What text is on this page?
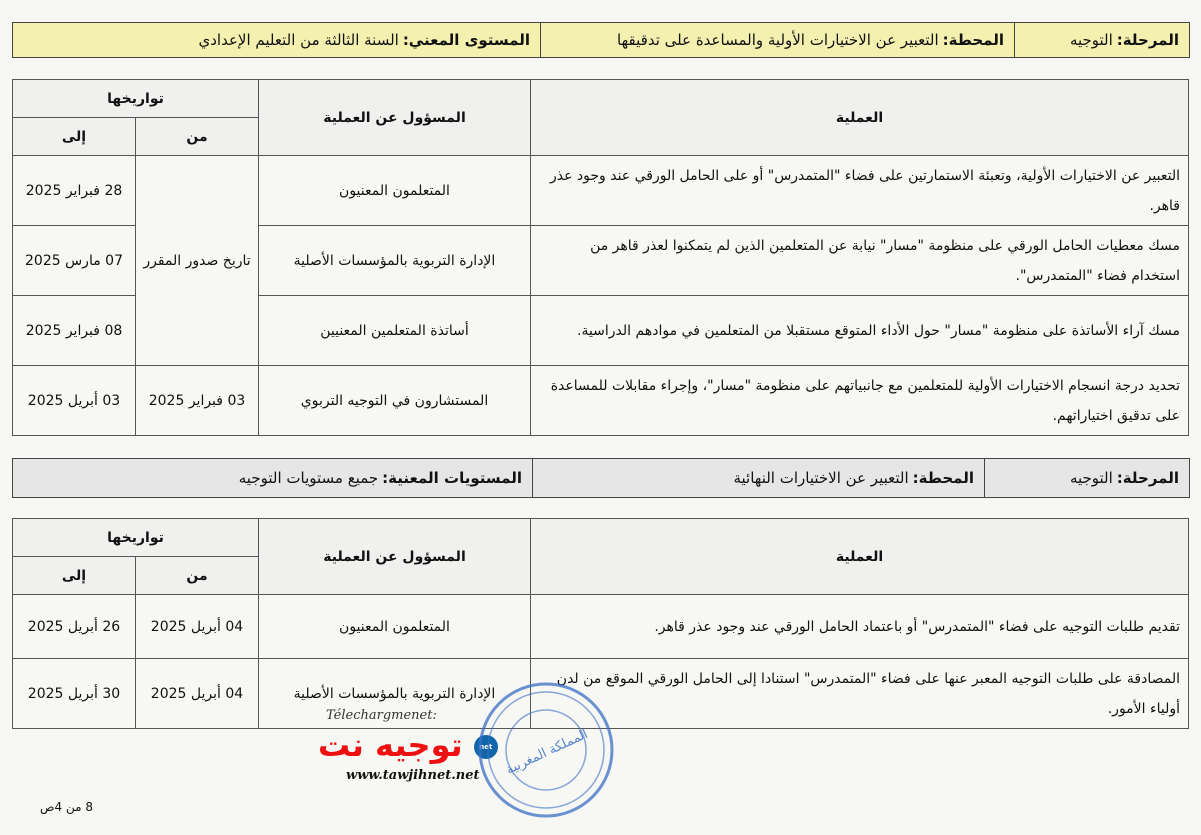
المرحلة:
التوجيه
المحطة:
التعبير عن الاختيارات الأولية والمساعدة على تدقيقها
المستوى المعني:
السنة الثالثة من التعليم الإعدادي
العملية	المسؤول عن العملية	تواريخها	
		من	إلى
التعبير عن الاختيارات الأولية، وتعبئة الاستمارتين على فضاء "المتمدرس" أو على الحامل الورقي عند وجود عذر قاهر.	المتعلمون المعنيون	تاريخ صدور المقرر	28 فبراير 2025
مسك معطيات الحامل الورقي على منظومة "مسار" نيابة عن المتعلمين الذين لم يتمكنوا لعذر قاهر من استخدام فضاء "المتمدرس".	الإدارة التربوية بالمؤسسات الأصلية		07 مارس 2025
مسك آراء الأساتذة على منظومة "مسار" حول الأداء المتوقع مستقبلا من المتعلمين في موادهم الدراسية.	أساتذة المتعلمين المعنيين		08 فبراير 2025
تحديد درجة انسجام الاختيارات الأولية للمتعلمين مع جانبياتهم على منظومة "مسار"، وإجراء مقابلات للمساعدة على تدقيق اختياراتهم.	المستشارون في التوجيه التربوي	03 فبراير 2025	03 أبريل 2025
المرحلة:
التوجيه
المحطة:
التعبير عن الاختيارات النهائية
المستويات المعنية:
جميع مستويات التوجيه
العملية	المسؤول عن العملية	تواريخها	
		من	إلى
تقديم طلبات التوجيه على فضاء "المتمدرس" أو باعتماد الحامل الورقي عند وجود عذر قاهر.	المتعلمون المعنيون	04 أبريل 2025	26 أبريل 2025
المصادقة على طلبات التوجيه المعبر عنها على فضاء "المتمدرس" استنادا إلى الحامل الورقي الموقع من لدن أولياء الأمور.	الإدارة التربوية بالمؤسسات الأصلية	04 أبريل 2025	30 أبريل 2025
Télechargmenet:
توجيه نت net
www.tawjihnet.net المملكة المغربية
8 من 4ص
